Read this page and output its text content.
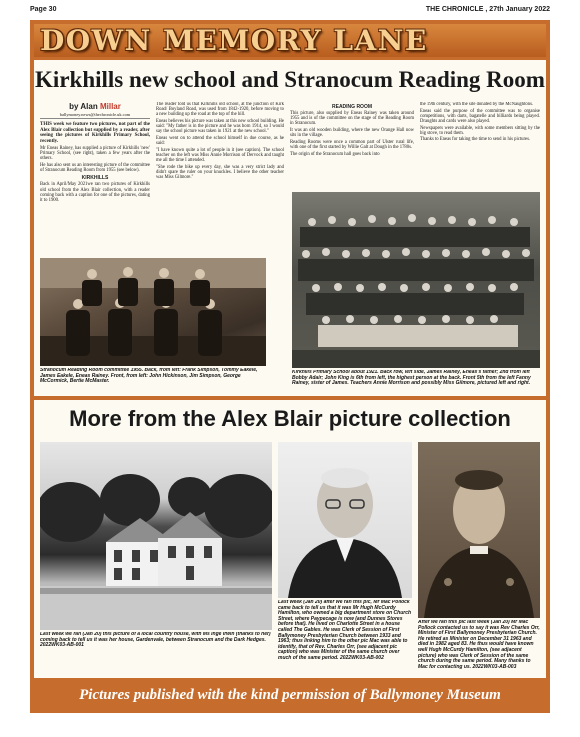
Page 30	THE CHRONICLE , 27th January 2022
DOWN MEMORY LANE
Kirkhills new school and Stranocum Reading Room
by Alan Millar
ballymoney.news@thechronicle.uk.com

THIS week we feature two pictures, not part of the Alex Blair collection but supplied by a reader, after seeing the pictures of Kirkhills Primary School, recently.

Mr Eneas Rainey, has supplied a picture of Kirkhills 'new' Primary School, (see right), taken a few years after the others.

He has also sent us an interesting picture of the committee of Stranocum Reading Room from 1955 (see below).

KIRKHILLS

Back in April/May 2021we ran two pictures of Kirkhills old school from the Alex Blair collection, with a reader coming back with a caption for one of the pictures, dating it to 1900.

The reader told us that Kirkhills old school, at the junction of Kirk Road/ Boyland Road, was used from 1842-1920, before moving to a new building up the road at the top of the hill.

Eneas believes his picture was taken at this new school building. He said: "My father is in the picture and he was born 1914, so I would say the school picture was taken in 1921 at the new school."

Eneas went on to attend the school himself in due course, as he said:

"I have known quite a lot of people in it (see caption). The school teacher on the left was Miss Annie Morrison of Dervock and taught me all the time I attended.

"She rode the bike up every day, she was a very strict lady and didn't spare the ruler on your knuckles. I believe the other teacher was Miss Gilmore."

READING ROOM

This picture, also supplied by Eneas Rainey was taken around 1955 and is of the committee on the stage of the Reading Room in Stranocum.

It was an old wooden building, where the new Orange Hall now sits in the village.

Reading Rooms were once a common part of Ulster rural life, with one of the first started by Willie Galt at Dough in the 1780s.

The origin of the Stranocum hall goes back into

the 19th century, with the site donated by the McNaughtons.

Eneas said the purpose of the committee was to organise competitions, with darts, bagatelle and billiards being played. Draughts and cards were also played.

Newspapers were available, with some members sitting by the big stove, to read them.

Thanks to Eneas for taking the time to send in his pictures.

Stranocum Reading Room committee 1955. Back, from left: Frank Simpson, Tommy Eakele, James Eakele, Eneas Rainey. Front, from left: John Hickinson, Jim Simpson, George McCormick, Bertie McMaster.
Kirkhills Primary School about 1921. Back row, left side, James Rainey, Eneas's father; 2nd from left Bobby Adair; John King is 6th from left, the highest person at the back. Front 5th from the left Fanny Rainey, sister of James. Teachers Annie Morrison and possibly Miss Gilmore, pictured left and right.
More from the Alex Blair picture collection
Last week we ran (Jan 20) this picture of a local country house, with Ms Inge Irwin (thanks to her) coming back to tell us it was her house, Gardenvale, between Stranocum and the Dark Hedges. 2022WK03-AB-001
Last week (Jan 20) after we ran this pic, Mr Mac Pollock came back to tell us that it was Mr Hugh McCurdy Hamilton, who owned a big department store on Church Street, where Paypecage is now (and Dunnes Stores before that). He lived on Charlotte Street in a house called The Gables. He was Clerk of Session of First Ballymoney Presbyterian Church between 1933 and 1963; thus linking him to the other pic Mac was able to identify, that of Rev. Charles Orr, (see adjacent pic caption) who was Minister of the same church over much of the same period. 2022WK03-AB-002
After we ran this pic last week (Jan 20) Mr Mac Pollock contacted us to say it was Rev Charles Orr, Minister of First Ballymoney Presbyterian Church. He retired as Minister on December 31 1963 and died in 1982 aged 83. He thus would have known well Hugh McCurdy Hamilton, (see adjacent picture) who was Clerk of Session of the same church during the same period. Many thanks to Mac for contacting us. 2022WK03-AB-003
Pictures published with the kind permission of Ballymoney Museum
